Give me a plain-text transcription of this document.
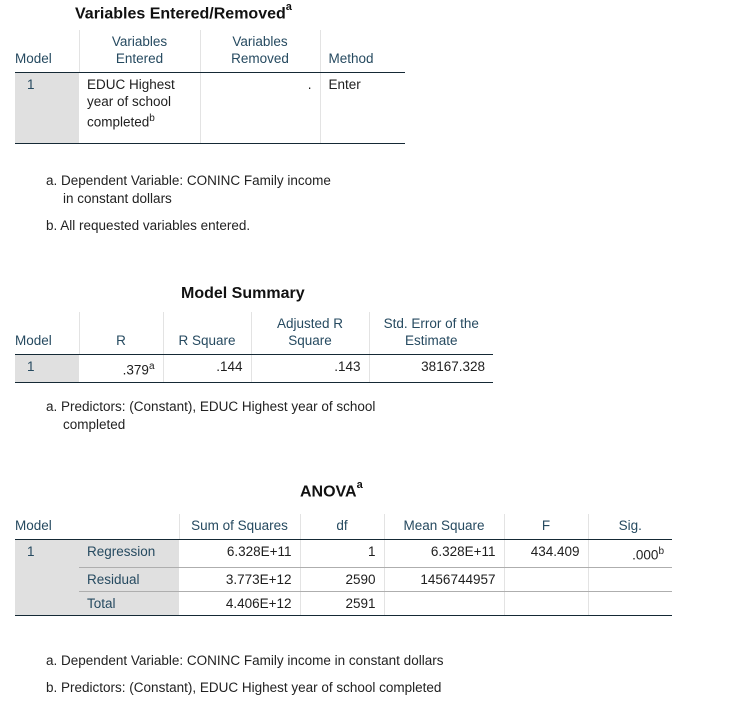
Variables Entered/Removed$^a$
Model	Variables Entered	Variables Removed	Method
1	EDUC Highest year of school completed$^b$	.	Enter
a. Dependent Variable: CONINC Family income
in constant dollars
b. All requested variables entered.
Model Summary
Model	R	R Square	Adjusted R Square	Std. Error of the Estimate
1	.379$^a$	.144	.143	38167.328
a. Predictors: (Constant), EDUC Highest year of school
completed
ANOVA$^a$
Model		Sum of Squares	df	Mean Square	F	Sig.
1	Regression	6.328E+11	1	6.328E+11	434.409	.000$^b$
	Residual	3.773E+12	2590	1456744957		
	Total	4.406E+12	2591			
a. Dependent Variable: CONINC Family income in constant dollars
b. Predictors: (Constant), EDUC Highest year of school completed
